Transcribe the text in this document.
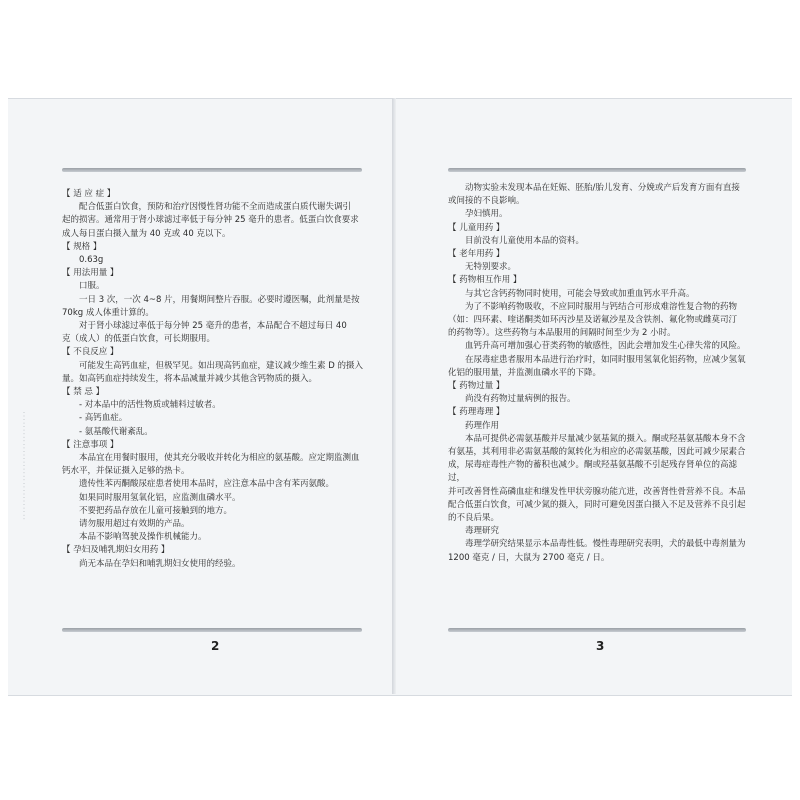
·······························

【 适 应 症 】

配合低蛋白饮食，预防和治疗因慢性肾功能不全而造成蛋白质代谢失调引

起的损害。通常用于肾小球滤过率低于每分钟 25 毫升的患者。低蛋白饮食要求

成人每日蛋白摄入量为 40 克或 40 克以下。

【 规格 】

0.63g

【 用法用量 】

口服。

一日 3 次，一次 4~8 片，用餐期间整片吞服。必要时遵医嘱，此剂量是按

70kg 成人体重计算的。

对于肾小球滤过率低于每分钟 25 毫升的患者，本品配合不超过每日 40

克（成人）的低蛋白饮食，可长期服用。

【 不良反应 】

可能发生高钙血症，但极罕见。如出现高钙血症，建议减少维生素 D 的摄入

量。如高钙血症持续发生，将本品减量并减少其他含钙物质的摄入。

【 禁 忌 】

- 对本品中的活性物质或辅料过敏者。

- 高钙血症。

- 氨基酸代谢紊乱。

【 注意事项 】

本品宜在用餐时服用，使其充分吸收并转化为相应的氨基酸。应定期监测血

钙水平，并保证摄入足够的热卡。

遗传性苯丙酮酸尿症患者使用本品时，应注意本品中含有苯丙氨酸。

如果同时服用氢氧化铝，应监测血磷水平。

不要把药品存放在儿童可接触到的地方。

请勿服用超过有效期的产品。

本品不影响驾驶及操作机械能力。

【 孕妇及哺乳期妇女用药 】

尚无本品在孕妇和哺乳期妇女使用的经验。

动物实验未发现本品在妊娠、胚胎/胎儿发育、分娩或产后发育方面有直接

或间接的不良影响。

孕妇慎用。

【 儿童用药 】

目前没有儿童使用本品的资料。

【 老年用药 】

无特别要求。

【 药物相互作用 】

与其它含钙药物同时使用，可能会导致或加重血钙水平升高。

为了不影响药物吸收，不应同时服用与钙结合可形成难溶性复合物的药物

（如：四环素、喹诺酮类如环丙沙星及诺氟沙星及含铁剂、氟化物或雌莫司汀

的药物等）。这些药物与本品服用的间隔时间至少为 2 小时。

血钙升高可增加强心苷类药物的敏感性，因此会增加发生心律失常的风险。

在尿毒症患者服用本品进行治疗时，如同时服用氢氧化铝药物，应减少氢氧

化铝的服用量，并监测血磷水平的下降。

【 药物过量 】

尚没有药物过量病例的报告。

【 药理毒理 】

药理作用

本品可提供必需氨基酸并尽量减少氨基氮的摄入。酮或羟基氨基酸本身不含

有氨基，其利用非必需氨基酸的氮转化为相应的必需氨基酸，因此可减少尿素合

成，尿毒症毒性产物的蓄积也减少。酮或羟基氨基酸不引起残存肾单位的高滤过，

并可改善肾性高磷血症和继发性甲状旁腺功能亢进，改善肾性骨营养不良。本品

配合低蛋白饮食，可减少氮的摄入，同时可避免因蛋白摄入不足及营养不良引起

的不良后果。

毒理研究

毒理学研究结果显示本品毒性低。慢性毒理研究表明，犬的最低中毒剂量为

1200 毫克 / 日，大鼠为 2700 毫克 / 日。

2	3
